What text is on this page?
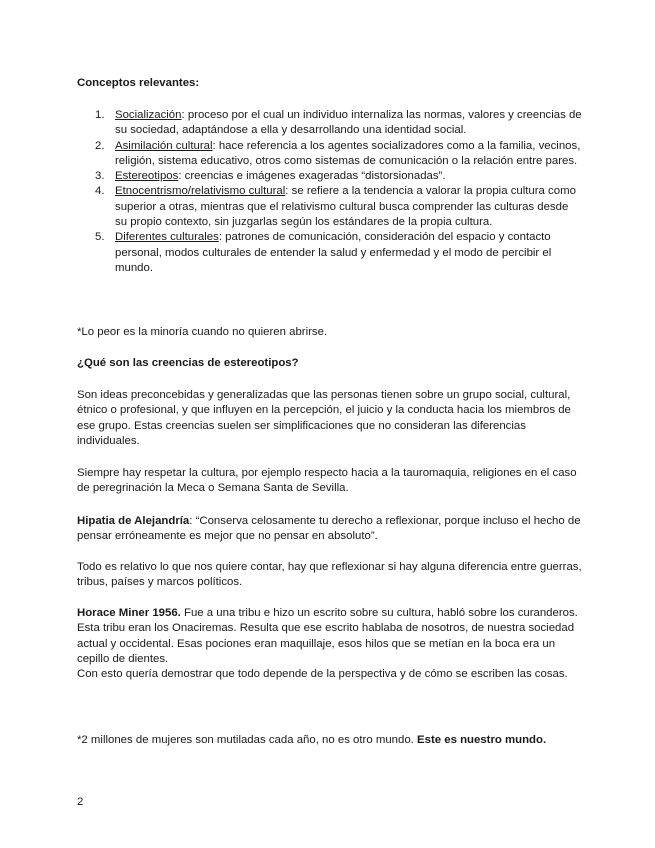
Conceptos relevantes:
1. Socialización: proceso por el cual un individuo internaliza las normas, valores y creencias de su sociedad, adaptándose a ella y desarrollando una identidad social.
2. Asimilación cultural: hace referencia a los agentes socializadores como a la familia, vecinos, religión, sistema educativo, otros como sistemas de comunicación o la relación entre pares.
3. Estereotipos: creencias e imágenes exageradas “distorsionadas”.
4. Etnocentrismo/relativismo cultural: se refiere a la tendencia a valorar la propia cultura como superior a otras, mientras que el relativismo cultural busca comprender las culturas desde su propio contexto, sin juzgarlas según los estándares de la propia cultura.
5. Diferentes culturales: patrones de comunicación, consideración del espacio y contacto personal, modos culturales de entender la salud y enfermedad y el modo de percibir el mundo.
*Lo peor es la minoría cuando no quieren abrirse.
¿Qué son las creencias de estereotipos?
Son ideas preconcebidas y generalizadas que las personas tienen sobre un grupo social, cultural, étnico o profesional, y que influyen en la percepción, el juicio y la conducta hacia los miembros de ese grupo. Estas creencias suelen ser simplificaciones que no consideran las diferencias individuales.
Siempre hay respetar la cultura, por ejemplo respecto hacia a la tauromaquia, religiones en el caso de peregrinación la Meca o Semana Santa de Sevilla.
Hipatia de Alejandría: “Conserva celosamente tu derecho a reflexionar, porque incluso el hecho de pensar erróneamente es mejor que no pensar en absoluto”.
Todo es relativo lo que nos quiere contar, hay que reflexionar si hay alguna diferencia entre guerras, tribus, países y marcos políticos.
Horace Miner 1956. Fue a una tribu e hizo un escrito sobre su cultura, habló sobre los curanderos. Esta tribu eran los Onaciremas. Resulta que ese escrito hablaba de nosotros, de nuestra sociedad actual y occidental. Esas pociones eran maquillaje, esos hilos que se metían en la boca era un cepillo de dientes.
Con esto quería demostrar que todo depende de la perspectiva y de cómo se escriben las cosas.
*2 millones de mujeres son mutiladas cada año, no es otro mundo. Este es nuestro mundo.
2
